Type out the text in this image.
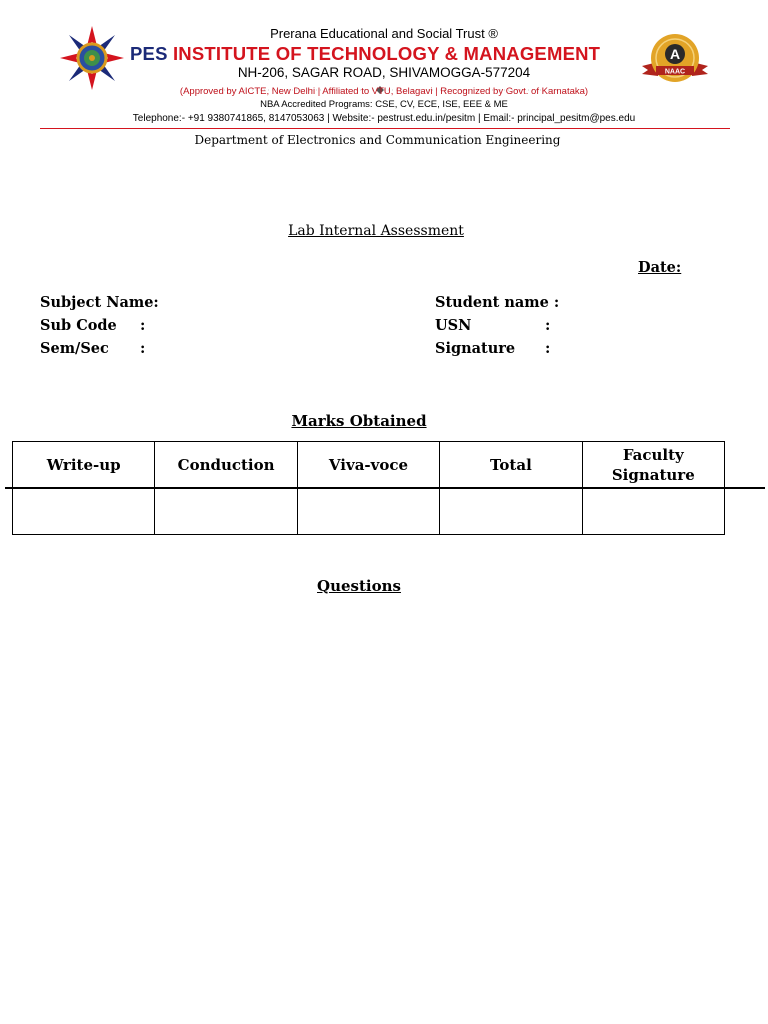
Prerana Educational and Social Trust ®
PES INSTITUTE OF TECHNOLOGY & MANAGEMENT
NH-206, SAGAR ROAD, SHIVAMOGGA-577204
(Approved by AICTE, New Delhi | Affiliated to VTU, Belagavi | Recognized by Govt. of Karnataka)
NBA Accredited Programs: CSE, CV, ECE, ISE, EEE & ME
Telephone:- +91 9380741865, 8147053063 | Website:- pestrust.edu.in/pesitm | Email:- principal_pesitm@pes.edu
A
NAAC
Department of Electronics and Communication Engineering
Lab Internal Assessment
Date:
Subject Name:
Sub Code :
Sem/Sec :
Student name :
USN	:
Signature :
Marks Obtained
Write-up	Conduction	Viva-voce	Total	Faculty Signature

Questions
